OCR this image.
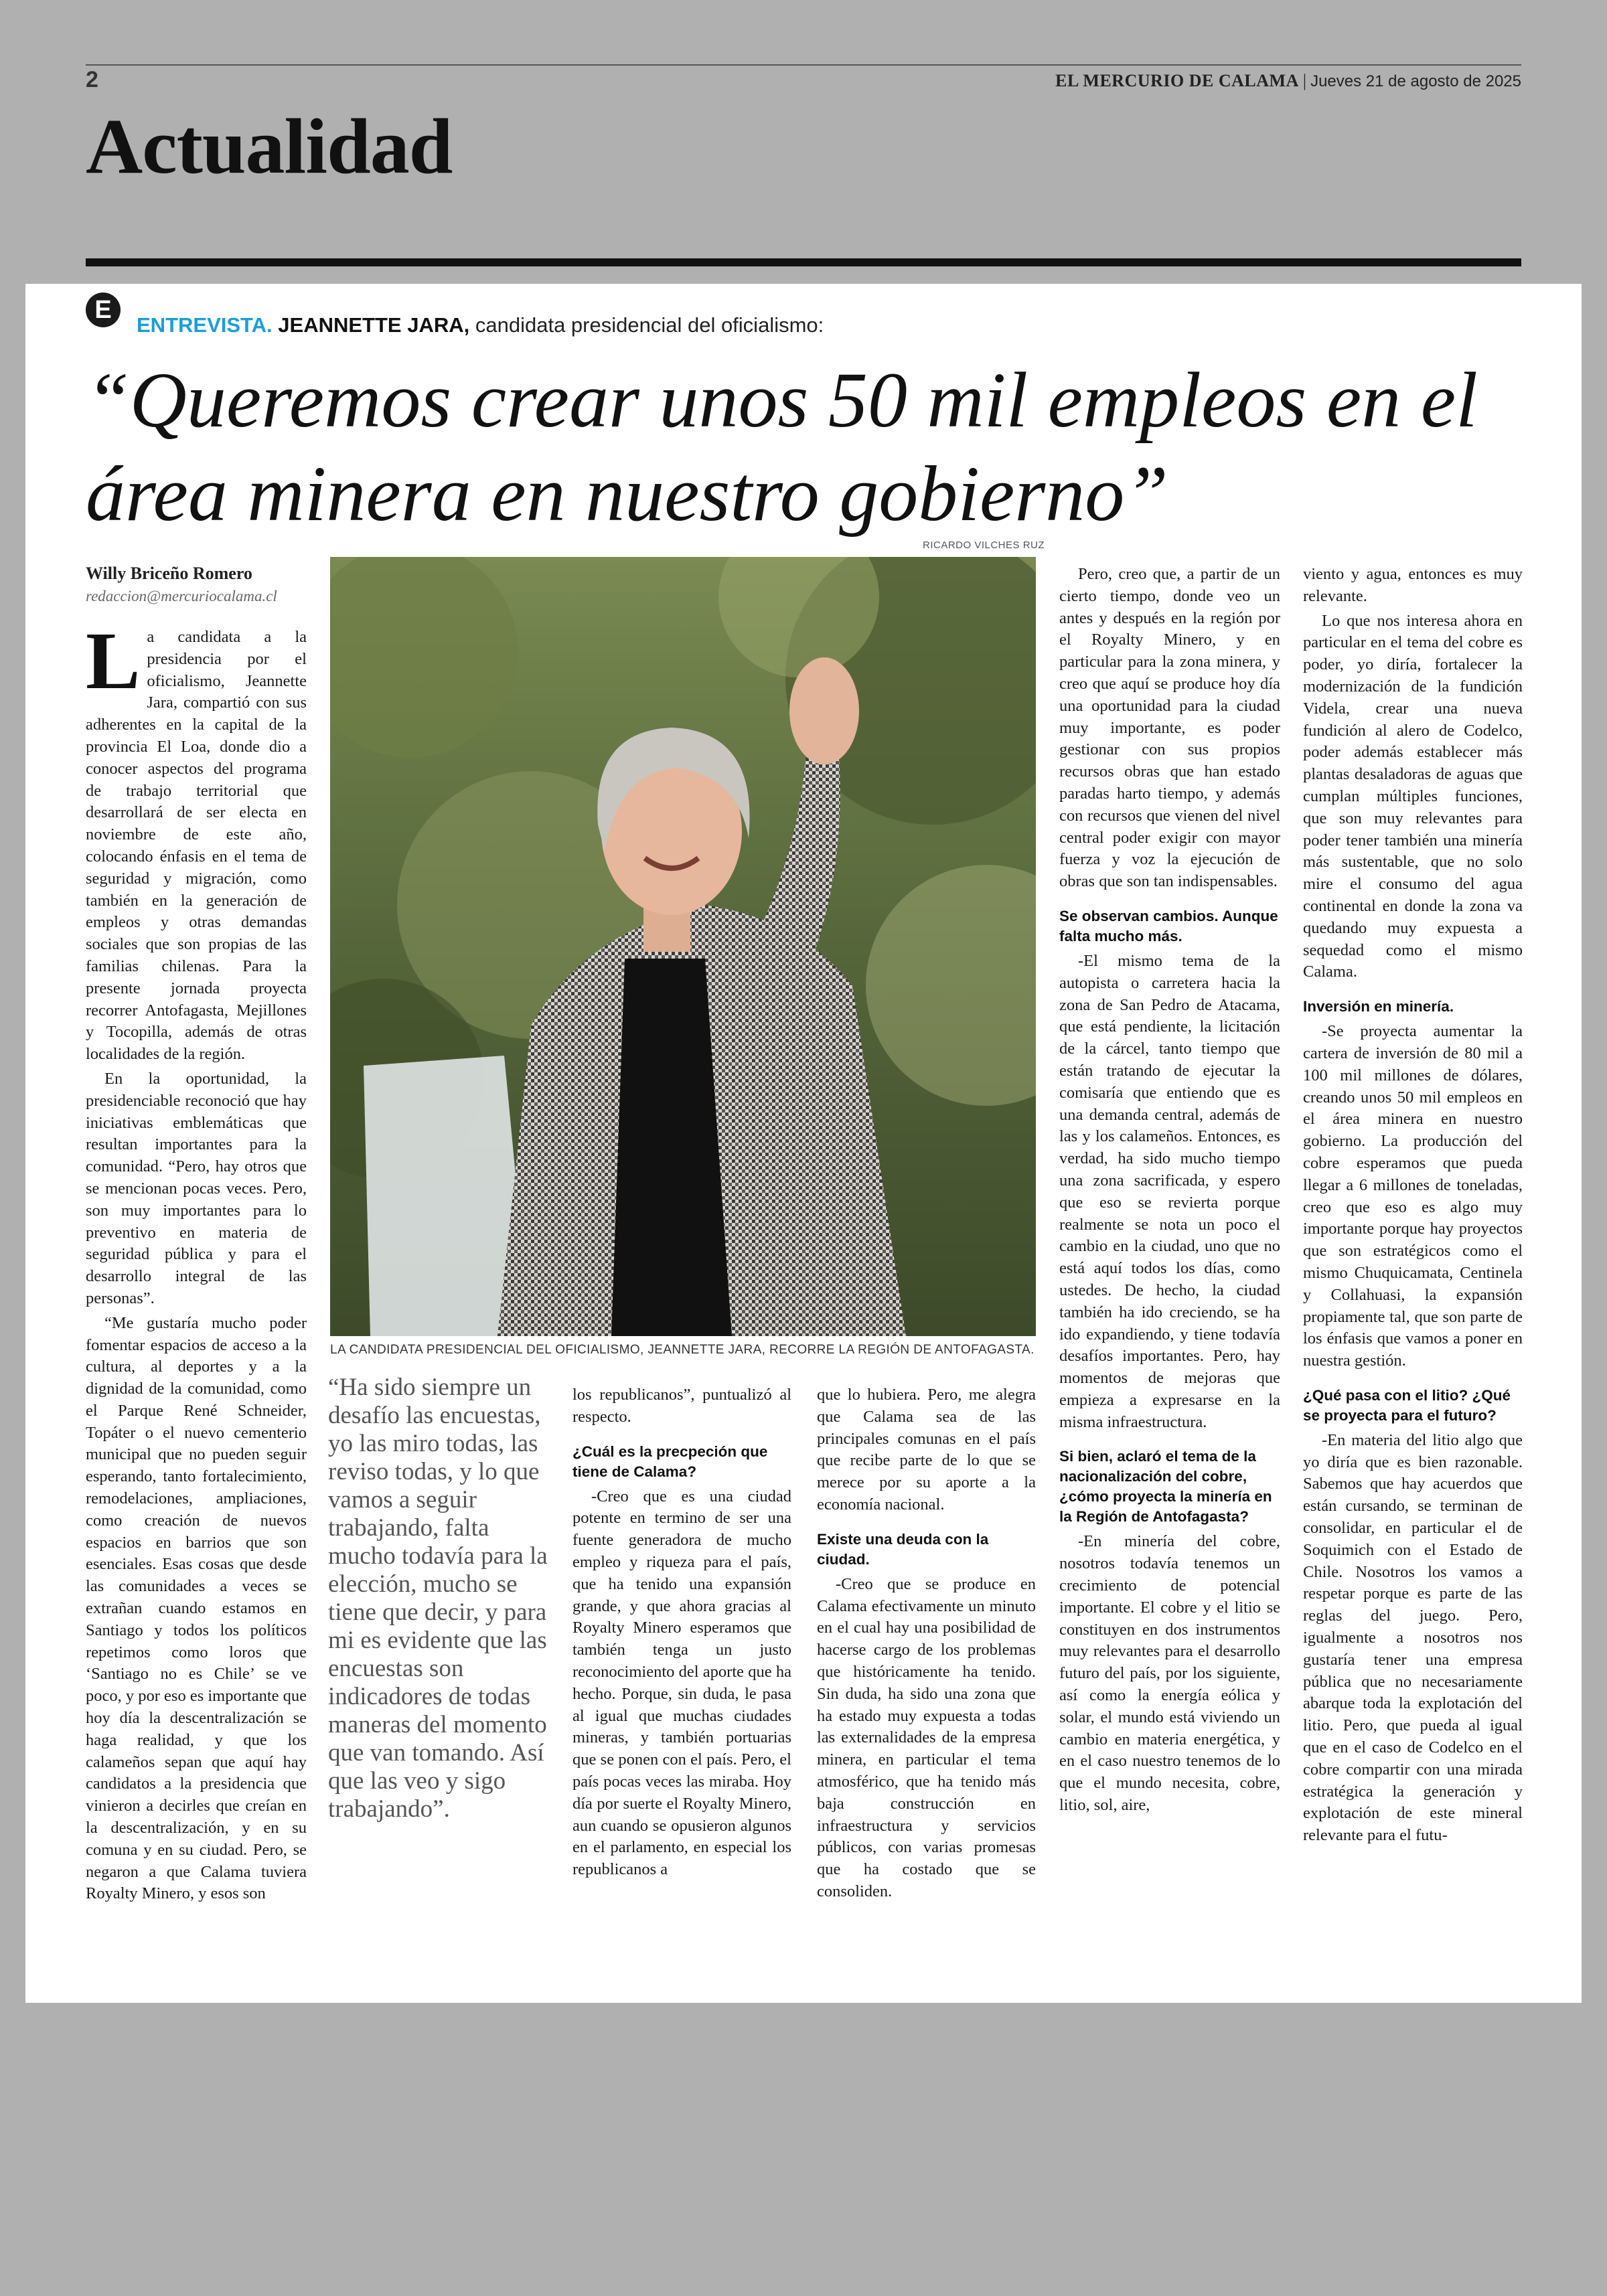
2	EL MERCURIO DE CALAMA | Jueves 21 de agosto de 2025
Actualidad
E
ENTREVISTA. JEANNETTE JARA, candidata presidencial del oficialismo:
“Queremos crear unos 50 mil empleos en el área minera en nuestro gobierno”
Willy Briceño Romero
redaccion@mercuriocalama.cl

La candidata a la presidencia por el oficialismo, Jeannette Jara, compartió con sus adherentes en la capital de la provincia El Loa, donde dio a conocer aspectos del programa de trabajo territorial que desarrollará de ser electa en noviembre de este año, colocando énfasis en el tema de seguridad y migración, como también en la generación de empleos y otras demandas sociales que son propias de las familias chilenas. Para la presente jornada proyecta recorrer Antofagasta, Mejillones y Tocopilla, además de otras localidades de la región.

En la oportunidad, la presidenciable reconoció que hay iniciativas emblemáticas que resultan importantes para la comunidad. “Pero, hay otros que se mencionan pocas veces. Pero, son muy importantes para lo preventivo en materia de seguridad pública y para el desarrollo integral de las personas”.

“Me gustaría mucho poder fomentar espacios de acceso a la cultura, al deportes y a la dignidad de la comunidad, como el Parque René Schneider, Topáter o el nuevo cementerio municipal que no pueden seguir esperando, tanto fortalecimiento, remodelaciones, ampliaciones, como creación de nuevos espacios en barrios que son esenciales. Esas cosas que desde las comunidades a veces se extrañan cuando estamos en Santiago y todos los políticos repetimos como loros que ‘Santiago no es Chile’ se ve poco, y por eso es importante que hoy día la descentralización se haga realidad, y que los calameños sepan que aquí hay candidatos a la presidencia que vinieron a decirles que creían en la descentralización, y en su comuna y en su ciudad. Pero, se negaron a que Calama tuviera Royalty Minero, y esos son

RICARDO VILCHES RUZ
LA CANDIDATA PRESIDENCIAL DEL OFICIALISMO, JEANNETTE JARA, RECORRE LA REGIÓN DE ANTOFAGASTA.
“Ha sido siempre un desafío las encuestas, yo las miro todas, las reviso todas, y lo que vamos a seguir trabajando, falta mucho todavía para la elección, mucho se tiene que decir, y para mi es evidente que las encuestas son indicadores de todas maneras del momento que van tomando. Así que las veo y sigo trabajando”.

los republicanos”, puntualizó al respecto.

¿Cuál es la precpeción que tiene de Calama?

-Creo que es una ciudad potente en termino de ser una fuente generadora de mucho empleo y riqueza para el país, que ha tenido una expansión grande, y que ahora gracias al Royalty Minero esperamos que también tenga un justo reconocimiento del aporte que ha hecho. Porque, sin duda, le pasa al igual que muchas ciudades mineras, y también portuarias que se ponen con el país. Pero, el país pocas veces las miraba. Hoy día por suerte el Royalty Minero, aun cuando se opusieron algunos en el parlamento, en especial los republicanos a

que lo hubiera. Pero, me alegra que Calama sea de las principales comunas en el país que recibe parte de lo que se merece por su aporte a la economía nacional.

Existe una deuda con la ciudad.

-Creo que se produce en Calama efectivamente un minuto en el cual hay una posibilidad de hacerse cargo de los problemas que históricamente ha tenido. Sin duda, ha sido una zona que ha estado muy expuesta a todas las externalidades de la empresa minera, en particular el tema atmosférico, que ha tenido más baja construcción en infraestructura y servicios públicos, con varias promesas que ha costado que se consoliden.

Pero, creo que, a partir de un cierto tiempo, donde veo un antes y después en la región por el Royalty Minero, y en particular para la zona minera, y creo que aquí se produce hoy día una oportunidad para la ciudad muy importante, es poder gestionar con sus propios recursos obras que han estado paradas harto tiempo, y además con recursos que vienen del nivel central poder exigir con mayor fuerza y voz la ejecución de obras que son tan indispensables.

Se observan cambios. Aunque falta mucho más.

-El mismo tema de la autopista o carretera hacia la zona de San Pedro de Atacama, que está pendiente, la licitación de la cárcel, tanto tiempo que están tratando de ejecutar la comisaría que entiendo que es una demanda central, además de las y los calameños. Entonces, es verdad, ha sido mucho tiempo una zona sacrificada, y espero que eso se revierta porque realmente se nota un poco el cambio en la ciudad, uno que no está aquí todos los días, como ustedes. De hecho, la ciudad también ha ido creciendo, se ha ido expandiendo, y tiene todavía desafíos importantes. Pero, hay momentos de mejoras que empieza a expresarse en la misma infraestructura.

Si bien, aclaró el tema de la nacionalización del cobre, ¿cómo proyecta la minería en la Región de Antofagasta?

-En minería del cobre, nosotros todavía tenemos un crecimiento de potencial importante. El cobre y el litio se constituyen en dos instrumentos muy relevantes para el desarrollo futuro del país, por los siguiente, así como la energía eólica y solar, el mundo está viviendo un cambio en materia energética, y en el caso nuestro tenemos de lo que el mundo necesita, cobre, litio, sol, aire,

viento y agua, entonces es muy relevante.

Lo que nos interesa ahora en particular en el tema del cobre es poder, yo diría, fortalecer la modernización de la fundición Videla, crear una nueva fundición al alero de Codelco, poder además establecer más plantas desaladoras de aguas que cumplan múltiples funciones, que son muy relevantes para poder tener también una minería más sustentable, que no solo mire el consumo del agua continental en donde la zona va quedando muy expuesta a sequedad como el mismo Calama.

Inversión en minería.

-Se proyecta aumentar la cartera de inversión de 80 mil a 100 mil millones de dólares, creando unos 50 mil empleos en el área minera en nuestro gobierno. La producción del cobre esperamos que pueda llegar a 6 millones de toneladas, creo que eso es algo muy importante porque hay proyectos que son estratégicos como el mismo Chuquicamata, Centinela y Collahuasi, la expansión propiamente tal, que son parte de los énfasis que vamos a poner en nuestra gestión.

¿Qué pasa con el litio? ¿Qué se proyecta para el futuro?

-En materia del litio algo que yo diría que es bien razonable. Sabemos que hay acuerdos que están cursando, se terminan de consolidar, en particular el de Soquimich con el Estado de Chile. Nosotros los vamos a respetar porque es parte de las reglas del juego. Pero, igualmente a nosotros nos gustaría tener una empresa pública que no necesariamente abarque toda la explotación del litio. Pero, que pueda al igual que en el caso de Codelco en el cobre compartir con una mirada estratégica la generación y explotación de este mineral relevante para el futu-
